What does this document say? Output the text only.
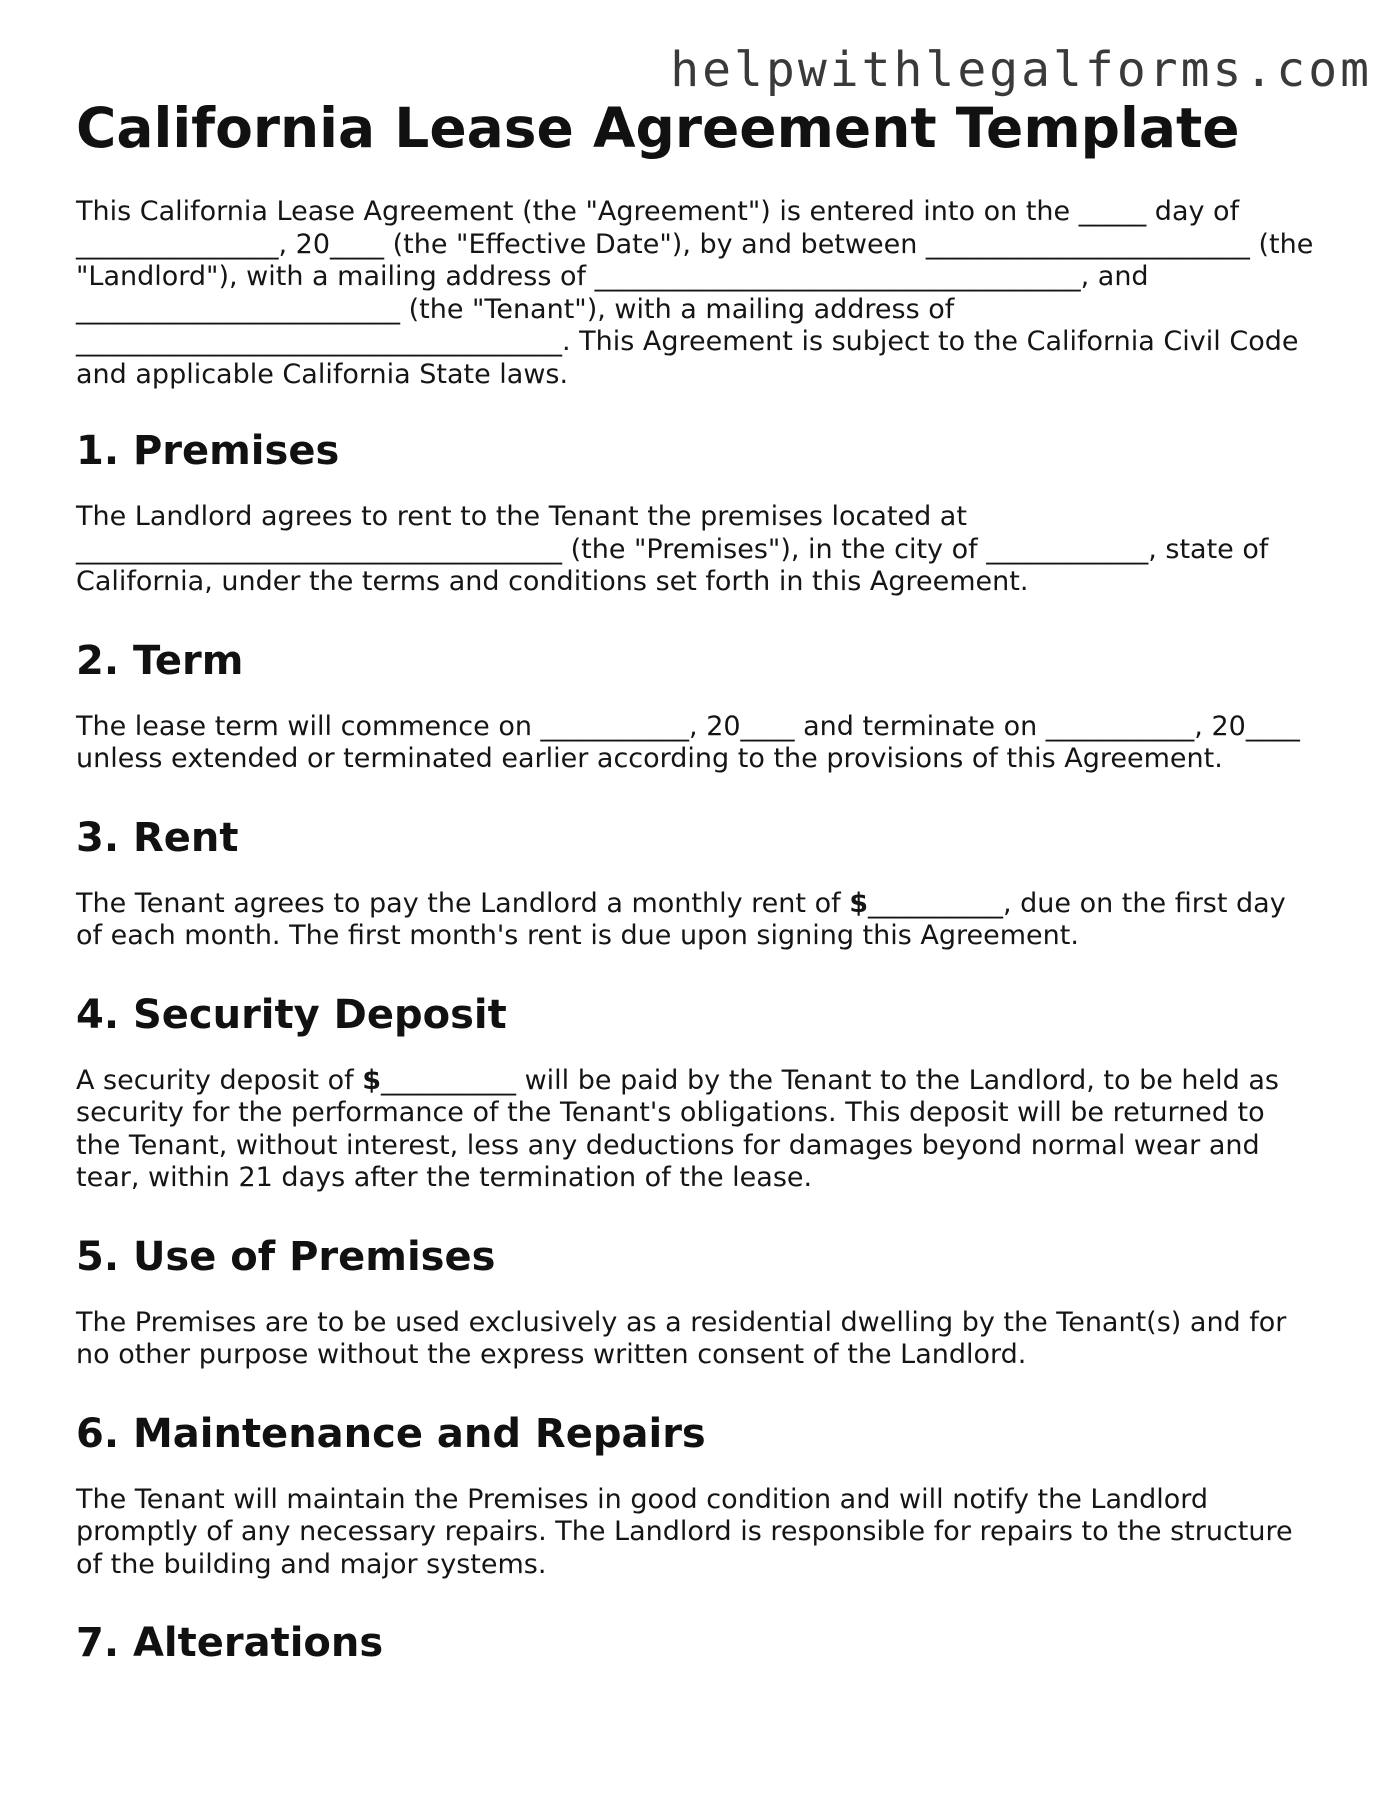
helpwithlegalforms.com
California Lease Agreement Template

This California Lease Agreement (the "Agreement") is entered into on the _____ day of _______________, 20____ (the "Effective Date"), by and between ________________________ (the "Landlord"), with a mailing address of ____________________________________, and ________________________ (the "Tenant"), with a mailing address of ____________________________________. This Agreement is subject to the California Civil Code and applicable California State laws.

1. Premises

The Landlord agrees to rent to the Tenant the premises located at ____________________________________ (the "Premises"), in the city of ____________, state of California, under the terms and conditions set forth in this Agreement.

2. Term

The lease term will commence on ___________, 20____ and terminate on ___________, 20____ unless extended or terminated earlier according to the provisions of this Agreement.

3. Rent

The Tenant agrees to pay the Landlord a monthly rent of $__________, due on the first day of each month. The first month's rent is due upon signing this Agreement.

4. Security Deposit

A security deposit of $__________ will be paid by the Tenant to the Landlord, to be held as security for the performance of the Tenant's obligations. This deposit will be returned to the Tenant, without interest, less any deductions for damages beyond normal wear and tear, within 21 days after the termination of the lease.

5. Use of Premises

The Premises are to be used exclusively as a residential dwelling by the Tenant(s) and for no other purpose without the express written consent of the Landlord.

6. Maintenance and Repairs

The Tenant will maintain the Premises in good condition and will notify the Landlord promptly of any necessary repairs. The Landlord is responsible for repairs to the structure of the building and major systems.

7. Alterations
